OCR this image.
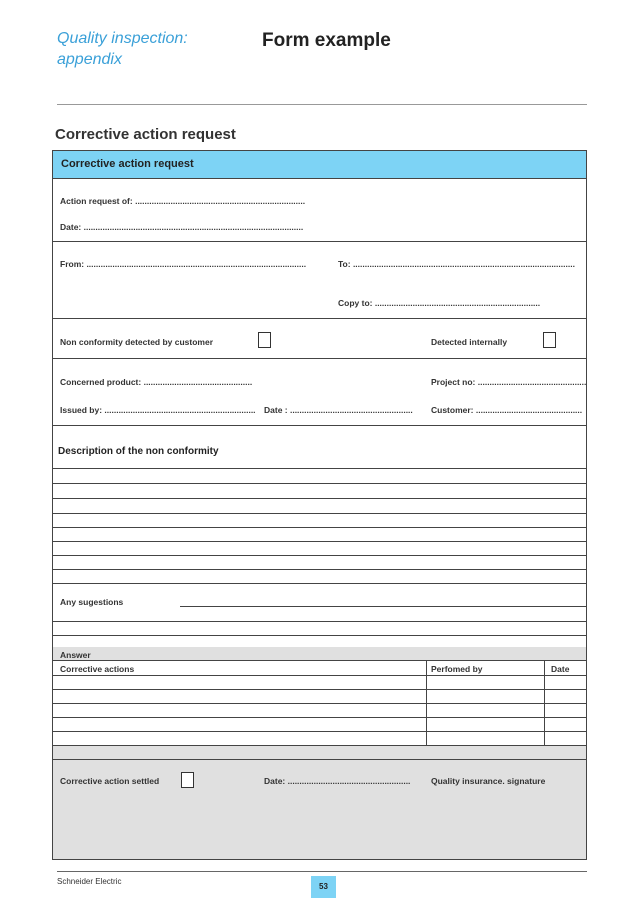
Quality inspection:
appendix
Form example
Corrective action request
Corrective action request
Action request of: ........................................................................
Date: .............................................................................................
From: .............................................................................................	To: ..............................................................................................
Copy to: ......................................................................
Non conformity detected by customer	Detected internally
Concerned product: ..............................................	Project no: ..............................................
Issued by: ................................................................ Date : .................................................... Customer: .............................................
Description of the non conformity
Any sugestions
Answer
Corrective actions	Perfomed by	Date
Corrective action settled	Date: .................................................... Quality insurance. signature
Schneider Electric
53
